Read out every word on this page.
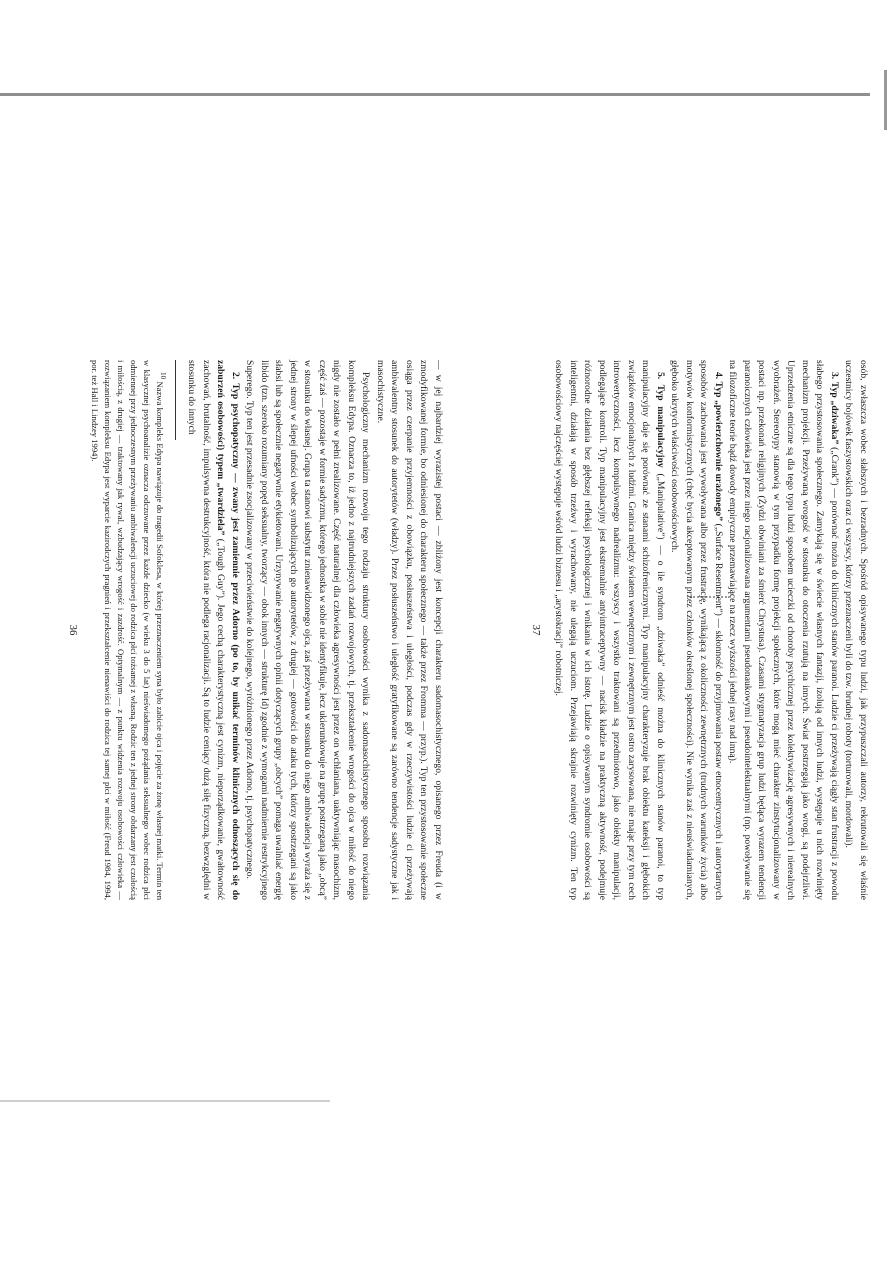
— w jej najbardziej wyrazistej postaci — zbliżony jest koncepcji charakteru sadomasochistycznego, opisanego przez Freuda (i w zmodyfikowanej formie, bo odniesionej do charakteru społecznego — także przez Fromma — przyp.). Typ ten przystosowanie społeczne osiąga przez czerpanie przyjemności z obowiązku, posłuszeństwa i uległości, podczas gdy w rzeczywistości ludzie ci przeżywają ambiwalentny stosunek do autorytetów (władzy). Przez posłuszeństwo i uległość gratyfikowane są zarówno tendencje sadystyczne jak i masochistyczne.

Psychologiczny mechanizm rozwoju tego rodzaju struktury osobowości wynika z sadomasochistycznego sposobu rozwiązania kompleksu Edypa. Oznacza to, iż jedno z najtrudniejszych zadań rozwojowych, tj. przekształcenie wrogości do ojca w miłość do niego nigdy nie zostało w pełni zrealizowane. Część naturalnej dla człowieka agresywności jest przez on wchłaniana, uaktywniając masochizm, część zaś — pozostaje w formie sadyzmu, którego jednostka w sobie nie identyfikuje, lecz ukierunkowuje na grupę postrzeganą jako „obcą” w stosunku do własnej. Grupa ta stanowi substytut znienawidzonego ojca, zaś przeżywana w stosunku do niego ambiwalencja wyraża się z jednej strony w ślepej ufności wobec symbolizujących go autorytetów, z drugiej — gotowości do ataku tych, którzy spostrzegani są jako słabsi lub są społecznie negatywnie etykietowani. Urzynywanie negatywnych opinii dotyczących grupy „obcych” pomaga uwalniać energię libido (tzn. szeroko rozumiany popęd seksualny, tworzący — obok innych — strukturę Id) zgodnie z wymogami nadmiernie restrykcyjnego Superego. Typ ten jest przesadnie zsocjalizowany w przeciwieństwie do kolejnego, wyróżnionego przez Adorno, tj. psychopatycznego.

2. Typ psychopatyczny — zwany jest zamiennie przez Adorno (po to, by unikać terminów klinicznych odnoszących się do zaburzeń osobowości) typem „twardziela” („Tough Guy”). Jego cechą charakterystyczną jest cynizm, nieporządkowanie, gwałtowność zachowań, brutalność, impulsywna destrukcyjność, która nie podlega racjonalizacji. Są to ludzie ceniący dużą siłę fizyczną, bezwzględni w stosunku do innych

$^{10}$ Nazwa kompleks Edypa nawiązuje do tragedii Sofoklesa, w której przeznaczeniem syna było zabicie ojca i pojęcie za żonę własnej matki. Termin ten w klasycznej psychoanalizie oznacza odczuwane przez każde dziecko (w wieku 3 do 5 lat) nieświadomego pożądania seksualnego wobec rodzica płci odmiennej przy jednoczesnym przeżywaniu ambiwalencji uczuciowej do rodzica płci tożsamej z własną. Rodzic ten z jednej strony obdarzany jest czułością i miłością, z drugiej — traktowany jak rywal, wzbudzający wrogość i zazdrość. Optymalnym — z punktu widzenia rozwoju osobowości człowieka — rozwiązaniem kompleksu Edypa jest wyparcie kazirodczych pragnień i przekształcenie nienawiści do rodzica tej samej płci w miłość (Freud 1984, 1994, por. też Hall i Lindzey 1994).

36	osób, zwłaszcza wobec słabszych i bezradnych. Spośród opisywanego typu ludzi, jak przypuszczali autorzy, rekrutowali się właśnie uczestnicy bojówek faszystowskich oraz ci wszyscy, którzy przeznaczeni byli do tzw. brudnej roboty (torturowali, mordowali).

3. Typ „dziwaka” („Crank”) — porównać można do klinicznych stanów paranoi. Ludzie ci przeżywają ciągły stan frustracji z powodu słabego przystosowania społecznego. Zamykają się w świecie własnych fantazji, izolują od innych ludzi, występuje u nich rozwinięty mechanizm projekcji. Przeżywaną wrogość w stosunku do otoczenia rzutują na innych. Świat postrzegają jako wrogi, są podejrzliwi. Uprzedzenia etniczne są dla tego typu ludzi sposobem ucieczki od choroby psychicznej przez kolektywizację agresywnych i nierealnych wyobrażeń. Stereotypy stanowią w tym przypadku formę projekcji społecznych, które mogą mieć charakter zinstytucjonalizowany w postaci np. przekonań religijnych (Żydzi obwiniani za śmierć Chrystusa). Czasami stygmatyzacja grup ludzi będąca wyrazem tendencji paranoicznych człowieka jest przez niego racjonalizowana argumentami pseudonaukowymi i pseudointelektualnymi (np. powoływanie się na filozoficzne teorie bądź dowody empiryczne przemawiające na rzecz wyższości jednej rasy nad inną).

4. Typ „powierzchownie urażonego” („Surface Resentment”) — skłonność do przyjmowania postaw etnocentrycznych i autorytarnych sposobów zachowania jest wywoływana albo przez frustrację, wynikającą z okoliczności zewnętrznych (trudnych warunków życia) albo motywów konformistycznych (chęć bycia akceptowanym przez członków określonej społeczności). Nie wynika zaś z nieuświadamianych, głęboko ukrytych właściwości osobowościowych.

5. Typ manipulacyjny („Manipulative”) — o ile syndrom „dziwaka” odnieść można do klinicznych stanów paranoi, to typ manipulacyjny daje się porównać ze stanami schizofrenicznymi. Typ manipulacyjny charakteryzuje brak obiektu kateksji i głębokich związków emocjonalnych z ludźmi. Granica między światem wewnętrznym i zewnętrznym jest ostro zarysowana, nie mając przy tym cech introwertyczności, lecz kompulsywnego nadrealizmu: wszyscy i wszystko traktowani są przedmiotowo, jako obiekty manipulacji, podlegające kontroli. Typ manipulacyjny jest ekstremalnie antyintraceptywny — nacisk kładzie na praktyczną aktywność, podejmuje różnorodne działania bez głębszej refleksji psychologicznej i wnikania w ich istotę. Ludzie o opisywanym syndromie osobowości są inteligentni, działają w sposób trzeźwy i wyrachowany, nie ulegają uczuciom. Przejawiają skrajnie rozwinięty cynizm. Ten typ osobowościowy najczęściej występuje wśród ludzi biznesu i „arystokracji” robotniczej.

37
